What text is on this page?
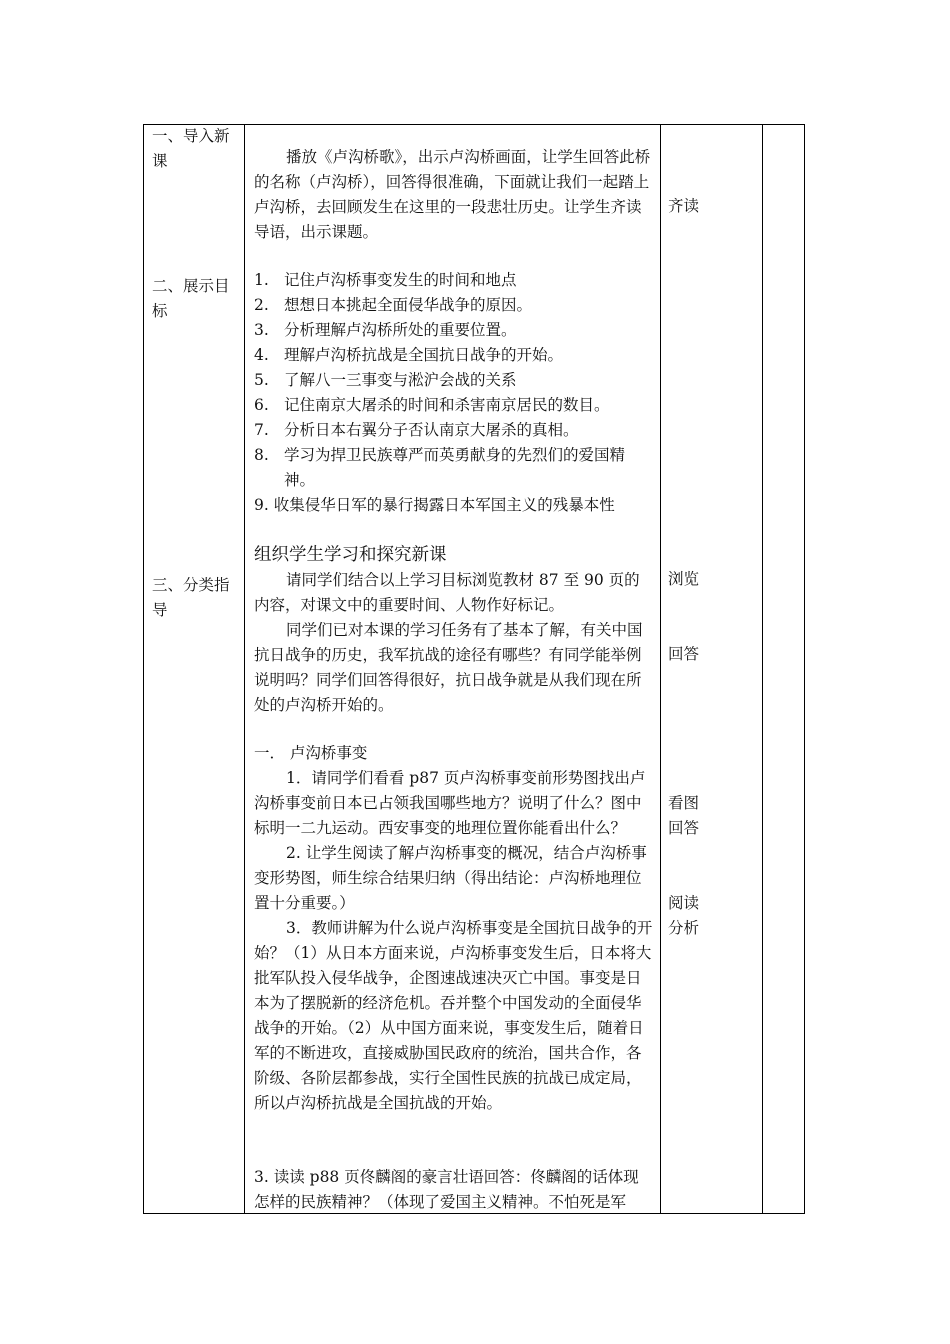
一、导入新课
二、展示目标
三、分类指导

播放《卢沟桥歌》，出示卢沟桥画面，让学生回答此桥的名称（卢沟桥），回答得很准确，下面就让我们一起踏上卢沟桥，去回顾发生在这里的一段悲壮历史。让学生齐读导语，出示课题。

1. 记住卢沟桥事变发生的时间和地点
2. 想想日本挑起全面侵华战争的原因。
3. 分析理解卢沟桥所处的重要位置。
4. 理解卢沟桥抗战是全国抗日战争的开始。
5. 了解八一三事变与淞沪会战的关系
6. 记住南京大屠杀的时间和杀害南京居民的数目。
7. 分析日本右翼分子否认南京大屠杀的真相。
8. 学习为捍卫民族尊严而英勇献身的先烈们的爱国精神。

9. 收集侵华日军的暴行揭露日本军国主义的残暴本性

组织学生学习和探究新课

请同学们结合以上学习目标浏览教材 87 至 90 页的内容，对课文中的重要时间、人物作好标记。

同学们已对本课的学习任务有了基本了解，有关中国抗日战争的历史，我军抗战的途径有哪些？有同学能举例说明吗？同学们回答得很好，抗日战争就是从我们现在所处的卢沟桥开始的。

一． 卢沟桥事变

1．请同学们看看 p87 页卢沟桥事变前形势图找出卢沟桥事变前日本已占领我国哪些地方？说明了什么？图中标明一二九运动。西安事变的地理位置你能看出什么？

2. 让学生阅读了解卢沟桥事变的概况，结合卢沟桥事变形势图，师生综合结果归纳（得出结论：卢沟桥地理位置十分重要。）

3．教师讲解为什么说卢沟桥事变是全国抗日战争的开始？（1）从日本方面来说，卢沟桥事变发生后，日本将大批军队投入侵华战争，企图速战速决灭亡中国。事变是日本为了摆脱新的经济危机。吞并整个中国发动的全面侵华战争的开始。（2）从中国方面来说，事变发生后，随着日军的不断进攻，直接威胁国民政府的统治，国共合作，各阶级、各阶层都参战，实行全国性民族的抗战已成定局，所以卢沟桥抗战是全国抗战的开始。

3. 读读 p88 页佟麟阁的豪言壮语回答：佟麟阁的话体现怎样的民族精神？（体现了爱国主义精神。不怕死是军

齐读
浏览
回答
看图
回答
阅读
分析
